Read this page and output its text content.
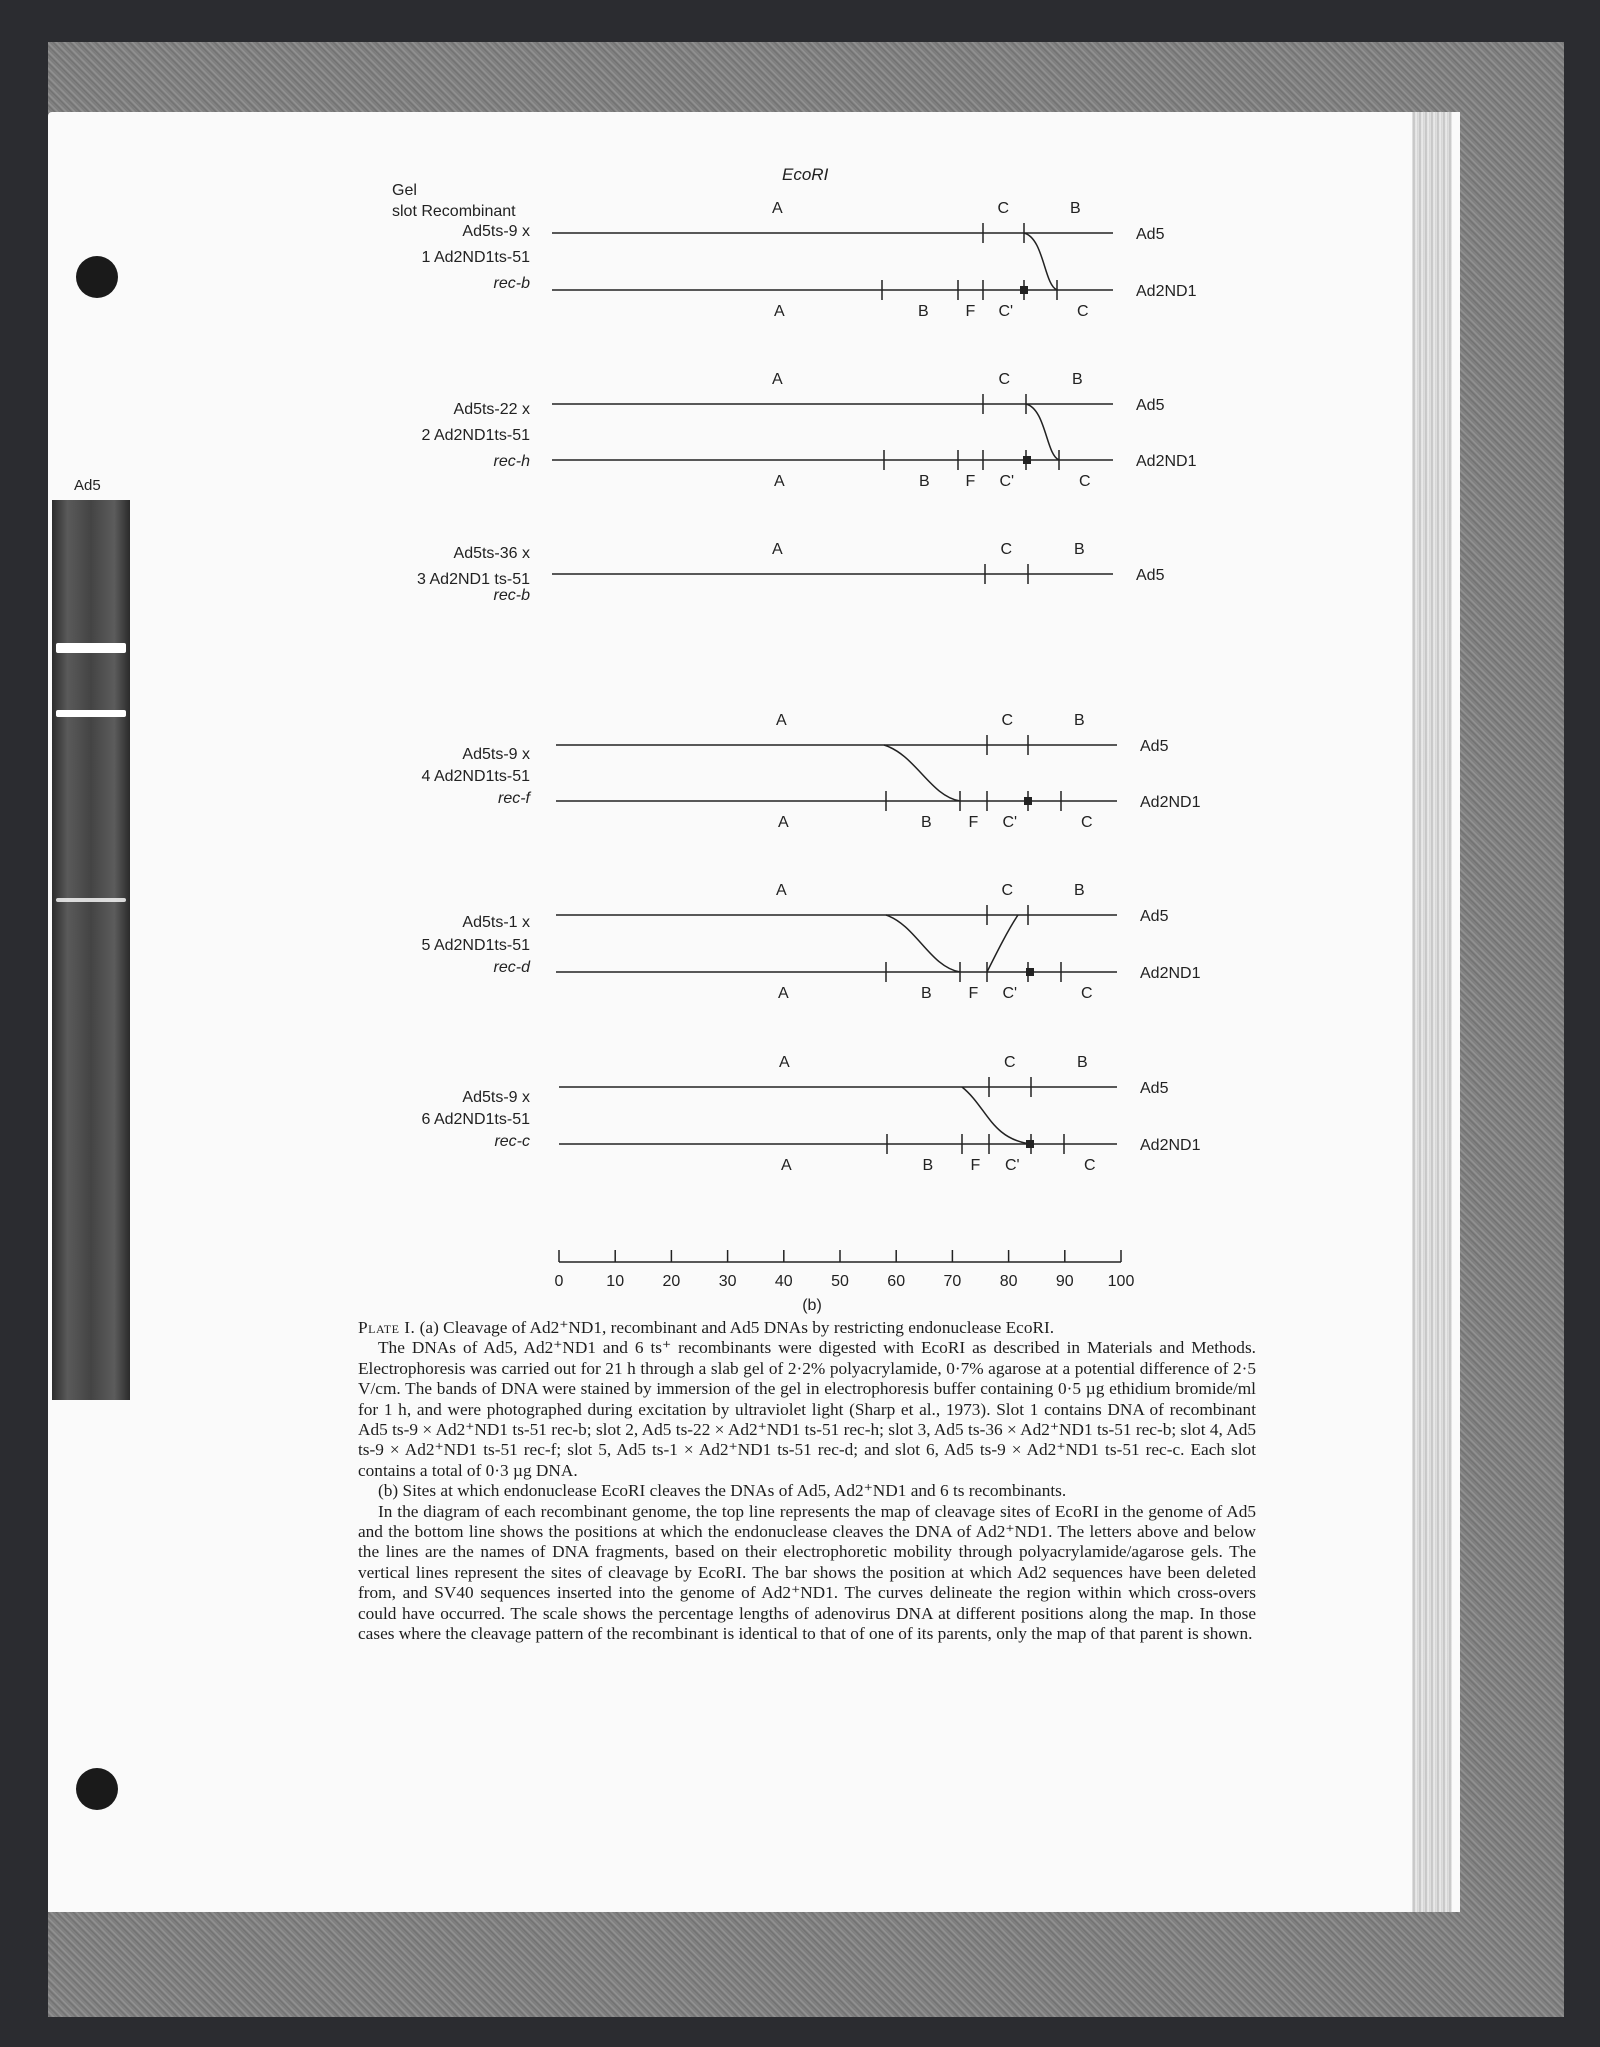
Ad5
Ad5ts-9 x
1 Ad2ND1ts-51
rec-b
A	C	B
Ad5
A	B F C'	C
Ad2ND1
Ad5ts-22 x
2 Ad2ND1ts-51
rec-h
A	C	B
Ad5
A	B F C'	C
Ad2ND1
Ad5ts-36 x
3 Ad2ND1 ts-51
rec-b
A	C	B
Ad5
Ad5ts-9 x
4 Ad2ND1ts-51
rec-f
A	C	B
Ad5
A	B F C'	C
Ad2ND1
Ad5ts-1 x
5 Ad2ND1ts-51
rec-d
A	C	B
Ad5
A	B F C'	C
Ad2ND1
Ad5ts-9 x
6 Ad2ND1ts-51
rec-c
A	C	B
Ad5
A	B F C'	C
Ad2ND1
EcoRI
Gel
slot Recombinant
0	10 20 30 40 50 60 70 80 90 100
(b)

Plate I. (a) Cleavage of Ad2⁺ND1, recombinant and Ad5 DNAs by restricting endonuclease EcoRI.

The DNAs of Ad5, Ad2⁺ND1 and 6 ts⁺ recombinants were digested with EcoRI as described in Materials and Methods. Electrophoresis was carried out for 21 h through a slab gel of 2·2% polyacrylamide, 0·7% agarose at a potential difference of 2·5 V/cm. The bands of DNA were stained by immersion of the gel in electrophoresis buffer containing 0·5 µg ethidium bromide/ml for 1 h, and were photographed during excitation by ultraviolet light (Sharp et al., 1973). Slot 1 contains DNA of recombinant Ad5 ts-9 × Ad2⁺ND1 ts-51 rec-b; slot 2, Ad5 ts-22 × Ad2⁺ND1 ts-51 rec-h; slot 3, Ad5 ts-36 × Ad2⁺ND1 ts-51 rec-b; slot 4, Ad5 ts-9 × Ad2⁺ND1 ts-51 rec-f; slot 5, Ad5 ts-1 × Ad2⁺ND1 ts-51 rec-d; and slot 6, Ad5 ts-9 × Ad2⁺ND1 ts-51 rec-c. Each slot contains a total of 0·3 µg DNA.

(b) Sites at which endonuclease EcoRI cleaves the DNAs of Ad5, Ad2⁺ND1 and 6 ts recombinants.

In the diagram of each recombinant genome, the top line represents the map of cleavage sites of EcoRI in the genome of Ad5 and the bottom line shows the positions at which the endonuclease cleaves the DNA of Ad2⁺ND1. The letters above and below the lines are the names of DNA fragments, based on their electrophoretic mobility through polyacrylamide/agarose gels. The vertical lines represent the sites of cleavage by EcoRI. The bar shows the position at which Ad2 sequences have been deleted from, and SV40 sequences inserted into the genome of Ad2⁺ND1. The curves delineate the region within which cross-overs could have occurred. The scale shows the percentage lengths of adenovirus DNA at different positions along the map. In those cases where the cleavage pattern of the recombinant is identical to that of one of its parents, only the map of that parent is shown.
